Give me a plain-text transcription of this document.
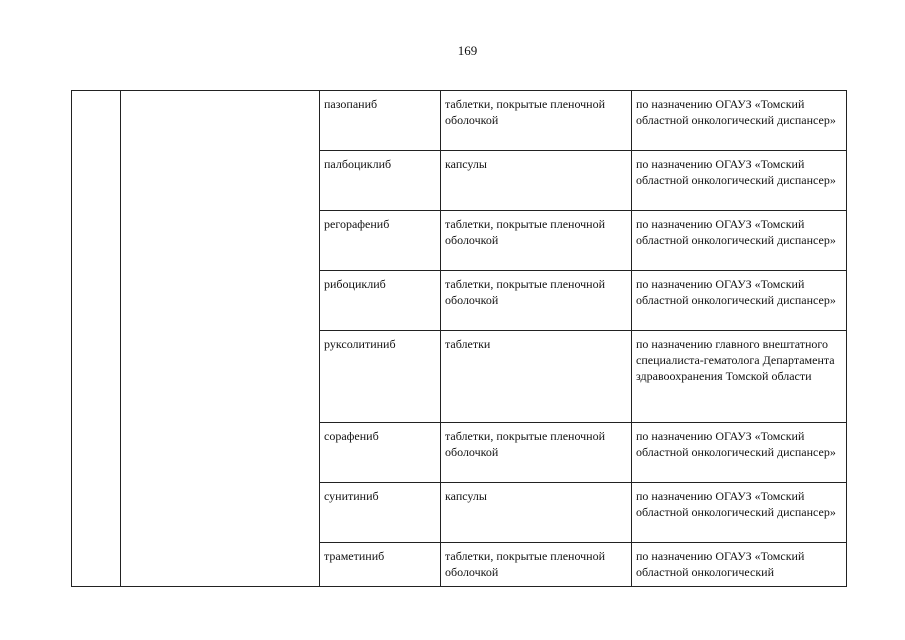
169
		пазопаниб	таблетки, покрытые пленочной оболочкой	по назначению ОГАУЗ «Томский областной онкологический диспансер»
		палбоциклиб	капсулы	по назначению ОГАУЗ «Томский областной онкологический диспансер»
		регорафениб	таблетки, покрытые пленочной оболочкой	по назначению ОГАУЗ «Томский областной онкологический диспансер»
		рибоциклиб	таблетки, покрытые пленочной оболочкой	по назначению ОГАУЗ «Томский областной онкологический диспансер»
		руксолитиниб	таблетки	по назначению главного внештатного специалиста-гематолога Департамента здравоохранения Томской области
		сорафениб	таблетки, покрытые пленочной оболочкой	по назначению ОГАУЗ «Томский областной онкологический диспансер»
		сунитиниб	капсулы	по назначению ОГАУЗ «Томский областной онкологический диспансер»
		траметиниб	таблетки, покрытые пленочной оболочкой	по назначению ОГАУЗ «Томский областной онкологический
